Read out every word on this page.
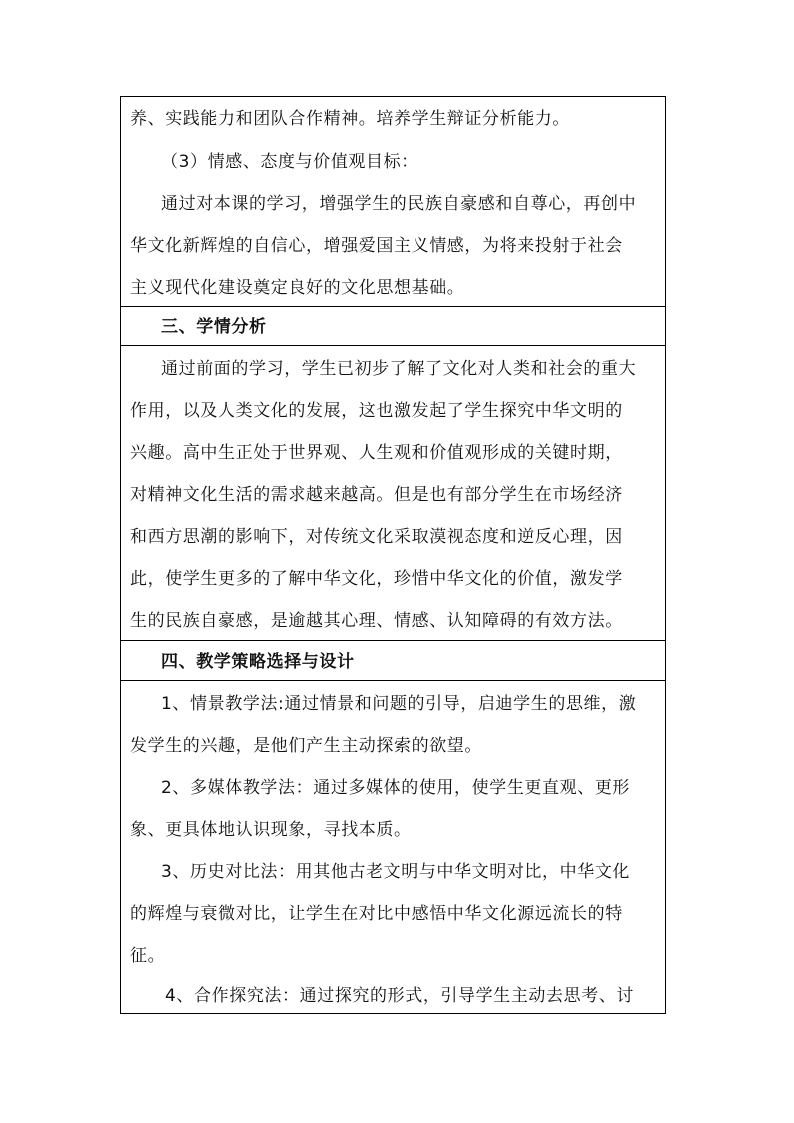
养、实践能力和团队合作精神。培养学生辩证分析能力。
（3）情感、态度与价值观目标：
通过对本课的学习，增强学生的民族自豪感和自尊心，再创中
华文化新辉煌的自信心，增强爱国主义情感，为将来投射于社会
主义现代化建设奠定良好的文化思想基础。
三、学情分析
通过前面的学习，学生已初步了解了文化对人类和社会的重大
作用，以及人类文化的发展，这也激发起了学生探究中华文明的
兴趣。高中生正处于世界观、人生观和价值观形成的关键时期，
对精神文化生活的需求越来越高。但是也有部分学生在市场经济
和西方思潮的影响下，对传统文化采取漠视态度和逆反心理，因
此，使学生更多的了解中华文化，珍惜中华文化的价值，激发学
生的民族自豪感，是逾越其心理、情感、认知障碍的有效方法。
四、教学策略选择与设计
1、情景教学法:通过情景和问题的引导，启迪学生的思维，激
发学生的兴趣，是他们产生主动探索的欲望。
2、多媒体教学法：通过多媒体的使用，使学生更直观、更形
象、更具体地认识现象，寻找本质。
3、历史对比法：用其他古老文明与中华文明对比，中华文化
的辉煌与衰微对比，让学生在对比中感悟中华文化源远流长的特
征。
4、合作探究法：通过探究的形式，引导学生主动去思考、讨
